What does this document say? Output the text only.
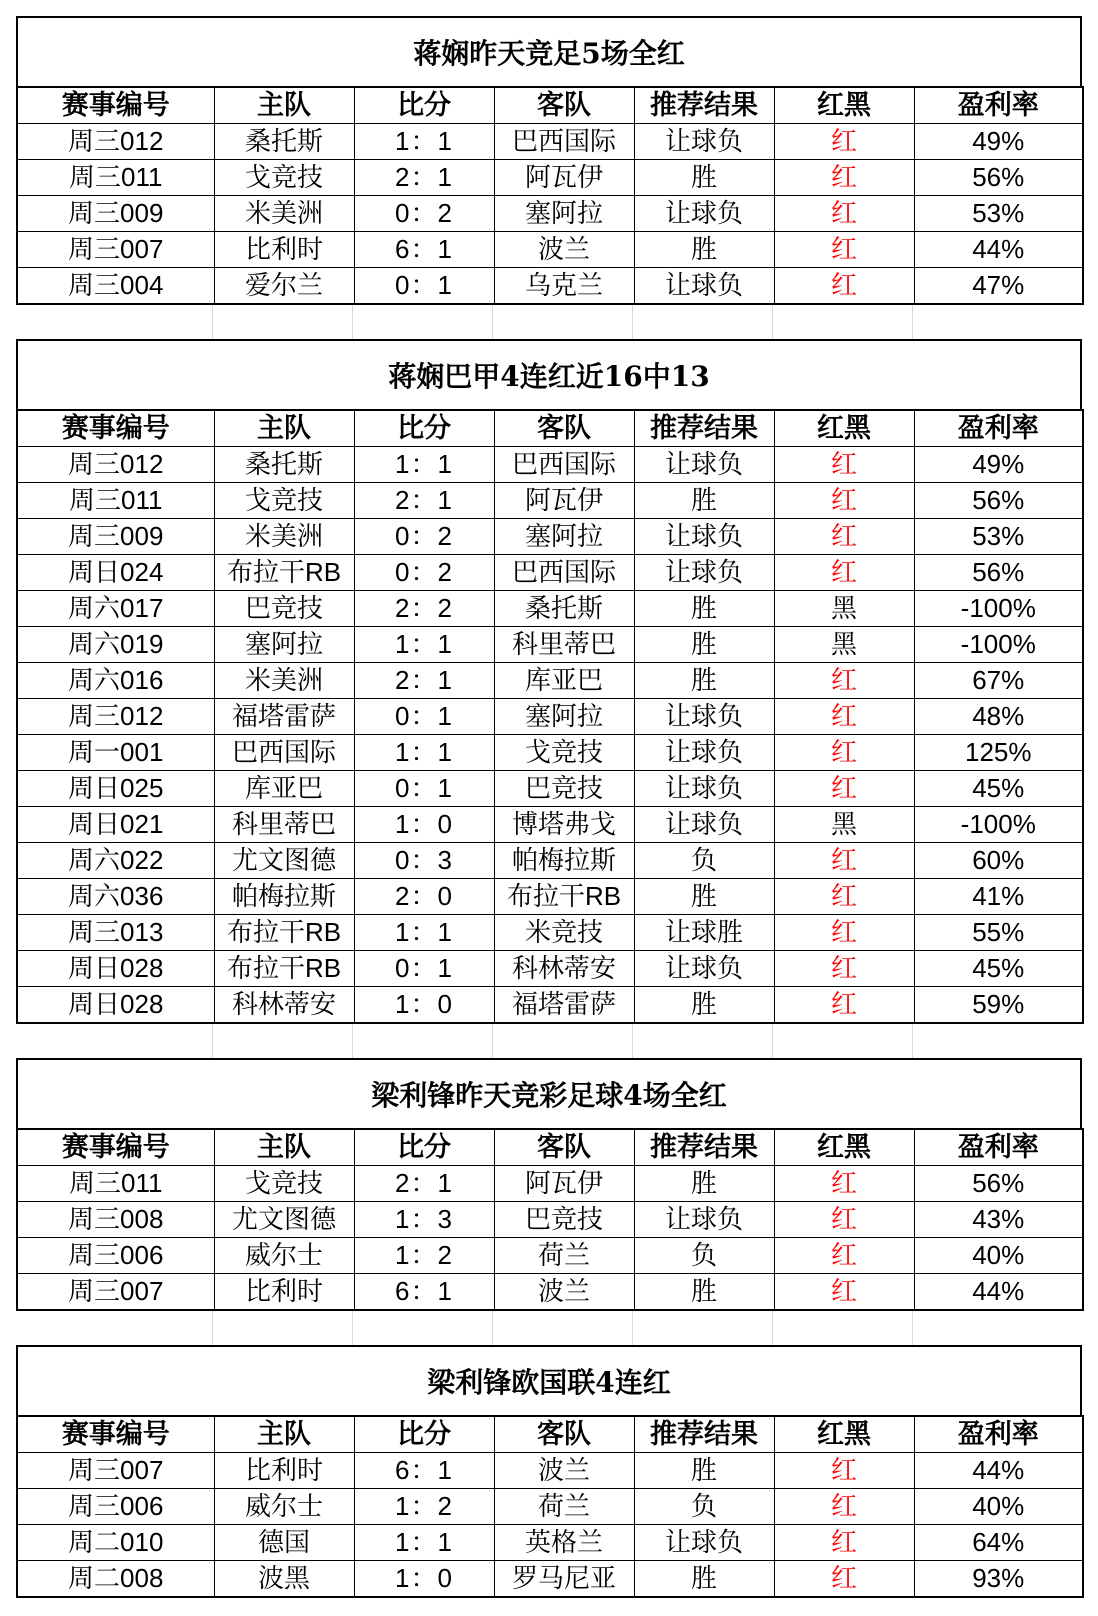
蒋娴昨天竞足5场全红
赛事编号	主队	比分	客队	推荐结果	红黑	盈利率
周三012	桑托斯	1：1	巴西国际	让球负	红	49%
周三011	戈竞技	2：1	阿瓦伊	胜	红	56%
周三009	米美洲	0：2	塞阿拉	让球负	红	53%
周三007	比利时	6：1	波兰	胜	红	44%
周三004	爱尔兰	0：1	乌克兰	让球负	红	47%
蒋娴巴甲4连红近16中13
赛事编号	主队	比分	客队	推荐结果	红黑	盈利率
周三012	桑托斯	1：1	巴西国际	让球负	红	49%
周三011	戈竞技	2：1	阿瓦伊	胜	红	56%
周三009	米美洲	0：2	塞阿拉	让球负	红	53%
周日024	布拉干RB	0：2	巴西国际	让球负	红	56%
周六017	巴竞技	2：2	桑托斯	胜	黑	-100%
周六019	塞阿拉	1：1	科里蒂巴	胜	黑	-100%
周六016	米美洲	2：1	库亚巴	胜	红	67%
周三012	福塔雷萨	0：1	塞阿拉	让球负	红	48%
周一001	巴西国际	1：1	戈竞技	让球负	红	125%
周日025	库亚巴	0：1	巴竞技	让球负	红	45%
周日021	科里蒂巴	1：0	博塔弗戈	让球负	黑	-100%
周六022	尤文图德	0：3	帕梅拉斯	负	红	60%
周六036	帕梅拉斯	2：0	布拉干RB	胜	红	41%
周三013	布拉干RB	1：1	米竞技	让球胜	红	55%
周日028	布拉干RB	0：1	科林蒂安	让球负	红	45%
周日028	科林蒂安	1：0	福塔雷萨	胜	红	59%
梁利锋昨天竞彩足球4场全红
赛事编号	主队	比分	客队	推荐结果	红黑	盈利率
周三011	戈竞技	2：1	阿瓦伊	胜	红	56%
周三008	尤文图德	1：3	巴竞技	让球负	红	43%
周三006	威尔士	1：2	荷兰	负	红	40%
周三007	比利时	6：1	波兰	胜	红	44%
梁利锋欧国联4连红
赛事编号	主队	比分	客队	推荐结果	红黑	盈利率
周三007	比利时	6：1	波兰	胜	红	44%
周三006	威尔士	1：2	荷兰	负	红	40%
周二010	德国	1：1	英格兰	让球负	红	64%
周二008	波黑	1：0	罗马尼亚	胜	红	93%
